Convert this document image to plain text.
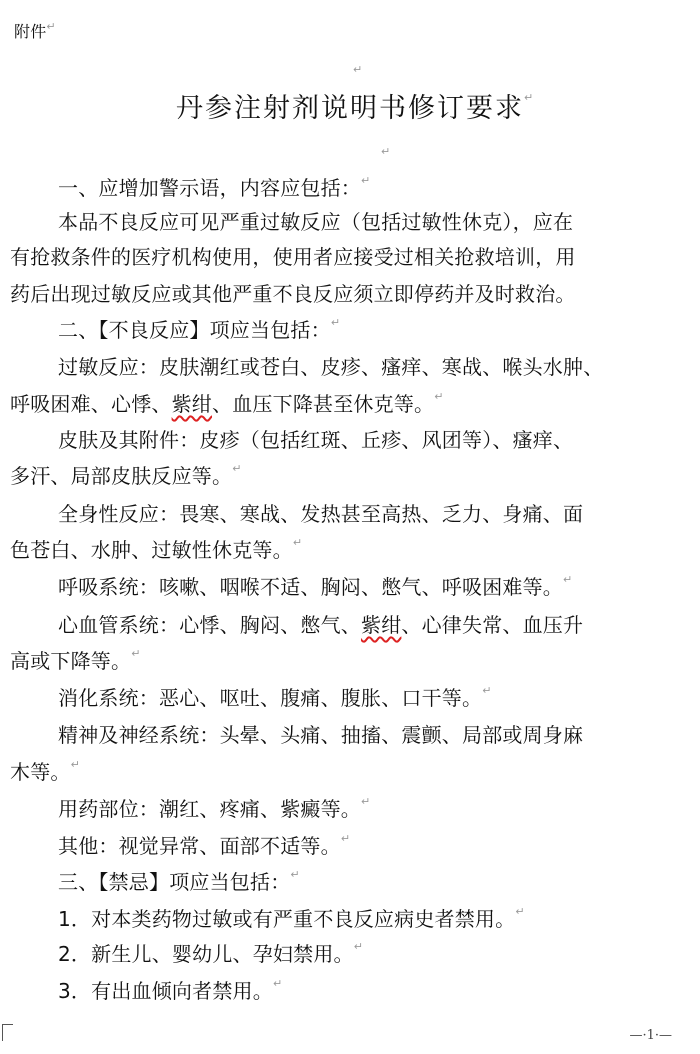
附件 ↵
↵
丹参注射剂说明书修订要求 ↵
↵
一、应增加警示语，内容应包括： ↵
本品不良反应可见严重过敏反应（包括过敏性休克），应在
有抢救条件的医疗机构使用，使用者应接受过相关抢救培训，用
药后出现过敏反应或其他严重不良反应须立即停药并及时救治。
二、【不良反应】项应当包括： ↵
过敏反应：皮肤潮红或苍白、皮疹、瘙痒、寒战、喉头水肿、
呼吸困难、心悸、紫绀、血压下降甚至休克等。 ↵
皮肤及其附件：皮疹（包括红斑、丘疹、风团等）、瘙痒、
多汗、局部皮肤反应等。 ↵
全身性反应：畏寒、寒战、发热甚至高热、乏力、身痛、面
色苍白、水肿、过敏性休克等。 ↵
呼吸系统：咳嗽、咽喉不适、胸闷、憋气、呼吸困难等。 ↵
心血管系统：心悸、胸闷、憋气、紫绀、心律失常、血压升
高或下降等。 ↵
消化系统：恶心、呕吐、腹痛、腹胀、口干等。 ↵
精神及神经系统：头晕、头痛、抽搐、震颤、局部或周身麻
木等。 ↵
用药部位：潮红、疼痛、紫癜等。 ↵
其他：视觉异常、面部不适等。 ↵
三、【禁忌】项应当包括： ↵
1．对本类药物过敏或有严重不良反应病史者禁用。 ↵
2．新生儿、婴幼儿、孕妇禁用。 ↵
3．有出血倾向者禁用。 ↵
—·1·—
